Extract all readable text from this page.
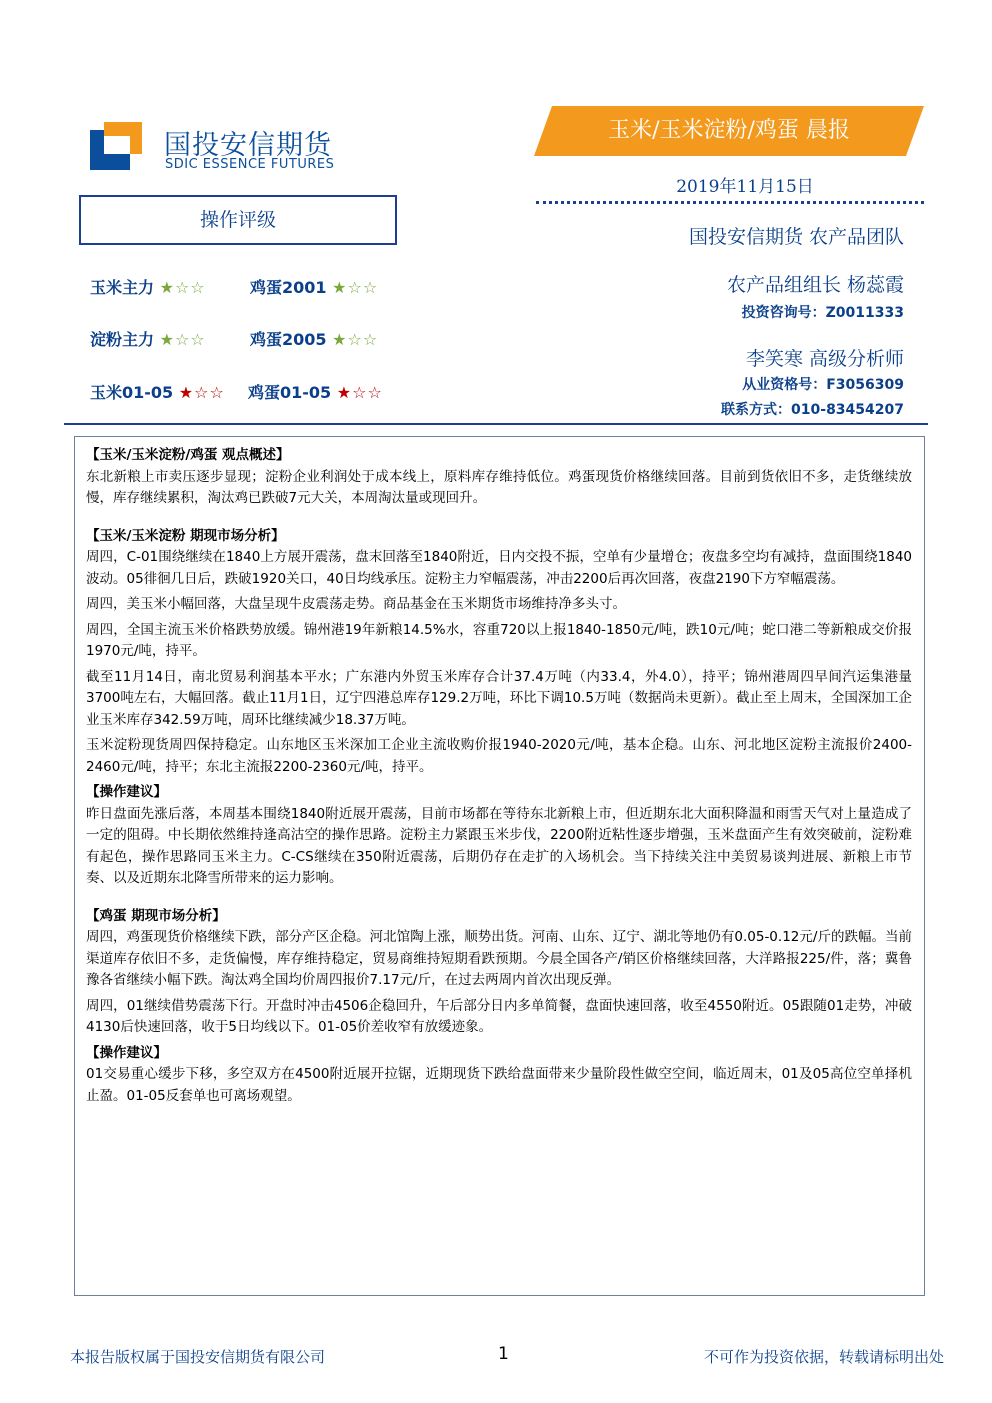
国投安信期货
SDIC ESSENCE FUTURES
玉米/玉米淀粉/鸡蛋 晨报
2019年11月15日
国投安信期货 农产品团队
操作评级
玉米主力 ★☆☆	鸡蛋2001 ★☆☆
淀粉主力 ★☆☆	鸡蛋2005 ★☆☆
玉米01-05 ★☆☆ 鸡蛋01-05 ★☆☆
农产品组组长 杨蕊霞
投资咨询号：Z0011333
李笑寒 高级分析师
从业资格号：F3056309
联系方式：010-83454207
【玉米/玉米淀粉/鸡蛋 观点概述】

东北新粮上市卖压逐步显现；淀粉企业利润处于成本线上，原料库存维持低位。鸡蛋现货价格继续回落。目前到货依旧不多，走货继续放慢，库存继续累积，淘汰鸡已跌破7元大关，本周淘汰量或现回升。

【玉米/玉米淀粉 期现市场分析】

周四，C-01围绕继续在1840上方展开震荡，盘末回落至1840附近，日内交投不振，空单有少量增仓；夜盘多空均有减持，盘面围绕1840波动。05徘徊几日后，跌破1920关口，40日均线承压。淀粉主力窄幅震荡，冲击2200后再次回落，夜盘2190下方窄幅震荡。

周四，美玉米小幅回落，大盘呈现牛皮震荡走势。商品基金在玉米期货市场维持净多头寸。

周四，全国主流玉米价格跌势放缓。锦州港19年新粮14.5%水，容重720以上报1840-1850元/吨，跌10元/吨；蛇口港二等新粮成交价报1970元/吨，持平。

截至11月14日，南北贸易利润基本平水；广东港内外贸玉米库存合计37.4万吨（内33.4，外4.0），持平；锦州港周四早间汽运集港量3700吨左右，大幅回落。截止11月1日，辽宁四港总库存129.2万吨，环比下调10.5万吨（数据尚未更新）。截止至上周末，全国深加工企业玉米库存342.59万吨，周环比继续减少18.37万吨。

玉米淀粉现货周四保持稳定。山东地区玉米深加工企业主流收购价报1940-2020元/吨，基本企稳。山东、河北地区淀粉主流报价2400-2460元/吨，持平；东北主流报2200-2360元/吨，持平。

【操作建议】

昨日盘面先涨后落，本周基本围绕1840附近展开震荡，目前市场都在等待东北新粮上市，但近期东北大面积降温和雨雪天气对上量造成了一定的阻碍。中长期依然维持逢高沽空的操作思路。淀粉主力紧跟玉米步伐，2200附近粘性逐步增强，玉米盘面产生有效突破前，淀粉难有起色，操作思路同玉米主力。C-CS继续在350附近震荡，后期仍存在走扩的入场机会。当下持续关注中美贸易谈判进展、新粮上市节奏、以及近期东北降雪所带来的运力影响。

【鸡蛋 期现市场分析】

周四，鸡蛋现货价格继续下跌，部分产区企稳。河北馆陶上涨，顺势出货。河南、山东、辽宁、湖北等地仍有0.05-0.12元/斤的跌幅。当前渠道库存依旧不多，走货偏慢，库存维持稳定，贸易商维持短期看跌预期。今晨全国各产/销区价格继续回落，大洋路报225/件，落；冀鲁豫各省继续小幅下跌。淘汰鸡全国均价周四报价7.17元/斤，在过去两周内首次出现反弹。

周四，01继续借势震荡下行。开盘时冲击4506企稳回升，午后部分日内多单简餐，盘面快速回落，收至4550附近。05跟随01走势，冲破4130后快速回落，收于5日均线以下。01-05价差收窄有放缓迹象。

【操作建议】

01交易重心缓步下移，多空双方在4500附近展开拉锯，近期现货下跌给盘面带来少量阶段性做空空间，临近周末，01及05高位空单择机止盈。01-05反套单也可离场观望。

本报告版权属于国投安信期货有限公司	1	不可作为投资依据，转载请标明出处
